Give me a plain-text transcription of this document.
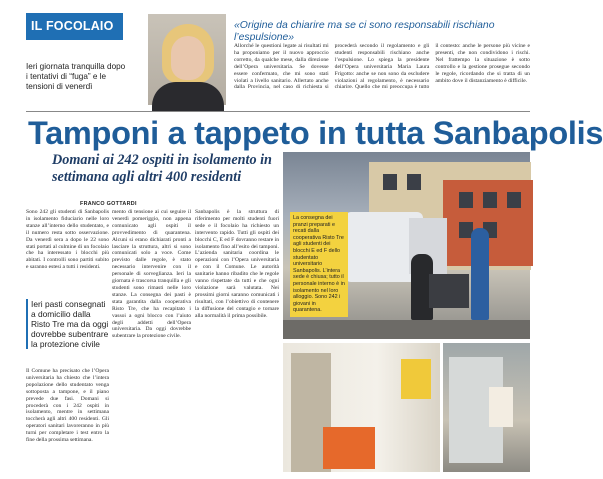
IL FOCOLAIO
Ieri giornata tranquilla dopo i tentativi di “fuga” e le tensioni di venerdì
«Origine da chiarire ma se ci sono responsabili rischiano l’espulsione»
Allorché le questioni legate ai risultati mi ha proponiamo per il nuovo approccio corretto, da qualche mese, dalla direzione dell’Opera universitaria. Se dovesse essere confermato, che mi sono stati violati a livello sanitario. Allertato anche dalla Provincia, nel caso di richiesta si procederà secondo il regolamento e gli studenti responsabili rischiano anche l’espulsione. Lo spiega la presidente dell’Opera universitaria Maria Laura Frigotto: anche se non sono da escludere violazioni al regolamento, è necessario chiarire. Quello che mi preoccupa è tutto il contesto: anche le persone più vicine e presenti, che non condividono i rischi. Nel frattempo la situazione è sotto controllo e la gestione prosegue secondo le regole, ricordando che si tratta di un ambito dove il distanziamento è difficile.
Tamponi a tappeto in tutta Sanbapolis
Domani ai 242 ospiti in isolamento in settimana agli altri 400 residenti
FRANCO GOTTARDI
Sono 242 gli studenti di Sanbapolis in isolamento fiduciario nelle loro stanze all’interno dello studentato, e il numero resta sotto osservazione. Da venerdì sera a dopo le 22 sono stati portati al culmine di un focolaio che ha interessato i blocchi più abitati. I controlli sono partiti subito e saranno estesi a tutti i residenti.
Ieri pasti consegnati a domicilio dalla Risto Tre ma da oggi dovrebbe subentrare la protezione civile
Il Comune ha precisato che l’Opera universitaria ha chiesto che l’intera popolazione dello studentato venga sottoposta a tampone, e il piano prevede due fasi. Domani si procederà con i 242 ospiti in isolamento, mentre in settimana toccherà agli altri 400 residenti. Gli operatori sanitari lavoreranno in più turni per completare i test entro la fine della prossima settimana.
mento di tensione ai cui seguire il venerdì pomeriggio, non appena comunicato agli ospiti il provvedimento di quarantena. Alcuni si erano dichiarati pronti a lasciare la struttura, altri si sono comunicati solo a voce. Come previsto dalle regole, è stato necessario intervenire con il personale di sorveglianza. Ieri la giornata è trascorsa tranquilla e gli studenti sono rimasti nelle loro stanze. La consegna dei pasti è stata garantita dalla cooperativa Risto Tre, che ha recapitato i vassoi a ogni blocco con l’aiuto degli addetti dell’Opera universitaria. Da oggi dovrebbe subentrare la protezione civile.
Sanbapolis è la struttura di riferimento per molti studenti fuori sede e il focolaio ha richiesto un intervento rapido. Tutti gli ospiti dei blocchi C, E ed F dovranno restare in isolamento fino all’esito dei tamponi. L’azienda sanitaria coordina le operazioni con l’Opera universitaria e con il Comune. Le autorità sanitarie hanno ribadito che le regole vanno rispettate da tutti e che ogni violazione sarà valutata. Nei prossimi giorni saranno comunicati i risultati, con l’obiettivo di contenere la diffusione del contagio e tornare alla normalità il prima possibile.
La consegna dei pranzi preparati e recati dalla cooperativa Risto Tre agli studenti dei blocchi E ed F dello studentato universitario Sanbapolis. L’intera sede è chiusa; tutto il personale interno è in isolamento nel loro alloggio. Sono 242 i giovani in quarantena.
